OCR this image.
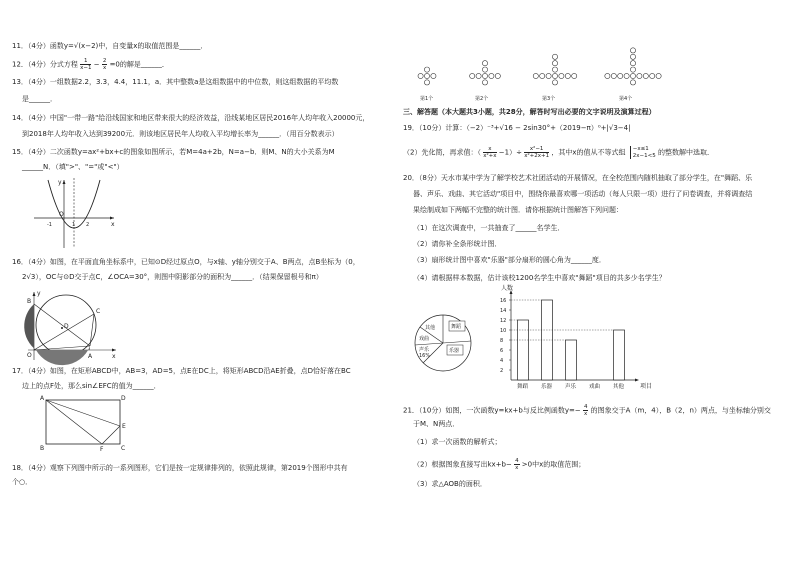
11．（4分）函数y=√(x−2)中，自变量x的取值范围是______．
12．（4分）分式方程 $\frac{1}{x-1} - \frac{2}{x} =0$的解是______．
13．（4分）一组数据2.2，3.3，4.4，11.1，a．其中整数a是这组数据中的中位数，则这组数据的平均数
是______．
14．（4分）中国"一带一路"给沿线国家和地区带来很大的经济效益，沿线某地区居民2016年人均年收入20000元，
到2018年人均年收入达到39200元．则该地区居民年人均收入平均增长率为______．（用百分数表示）
15．（4分）二次函数y=ax²+bx+c的图象如图所示，若M=4a+2b，N=a−b．则M、N的大小关系为M
______N．（填">"、"="或"<"）
y
x
O
-1	1 2
16．（4分）如图，在平面直角坐标系中，已知⊙D经过原点O，与x轴、y轴分别交于A、B两点，点B坐标为（0，
2√3），OC与⊙D交于点C，∠OCA=30°，则图中阴影部分的面积为______．（结果保留根号和π）
B
C
D
O	A
y
x
17．（4分）如图，在矩形ABCD中，AB=3，AD=5，点E在DC上，将矩形ABCD沿AE折叠，点D恰好落在BC
边上的点F处，那么sin∠EFC的值为______．
A	D
E
B	F	C
18．（4分）观察下列图中所示的一系列图形，它们是按一定规律排列的，依照此规律，第2019个图形中共有
个○．
第1个	第2个	第3个	第4个
三、解答题（本大题共3小题，共28分，解答时写出必要的文字说明及演算过程）
19．（10分）计算：（−2）⁻³+√16 − 2sin30°+（2019−π）⁰+|√3−4|
（2）先化简，再求值：（ $\frac{x}{\text{x²+x}} -1)\div \frac{\text{x²−1}}{\text{x²+2x+1}}$ ，其中x的值从不等式组 −x≤1
2x−1<5 的整数解中选取．
20．（8分）天水市某中学为了解学校艺术社团活动的开展情况，在全校范围内随机抽取了部分学生，在"舞蹈、乐
器、声乐、戏曲、其它活动"项目中，围绕你最喜欢哪一项活动（每人只限一项）进行了问卷调查，并将调查结
果绘制成如下两幅不完整的统计图．请你根据统计图解答下列问题：
（1）在这次调查中，一共抽查了______名学生．
（2）请你补全条形统计图．
（3）扇形统计图中喜欢"乐器"部分扇形的圆心角为______度．
（4）请根据样本数据，估计该校1200名学生中喜欢"舞蹈"项目的共多少名学生？
其他	舞蹈
戏曲
声乐
16%
乐器
人数
项目
2
4
6
8
10
12
14
16
舞蹈 乐器 声乐 戏曲 其他
21．（10分）如图，一次函数y=kx+b与反比例函数$y=- \frac{4}{x}$ 的图象交于A（m，4），B（2，n）两点，与坐标轴分别交
于M、N两点．
（1）求一次函数的解析式；
（2）根据图象直接写出$kx+b- \frac{4}{x} >0$中x的取值范围；
（3）求△AOB的面积．
